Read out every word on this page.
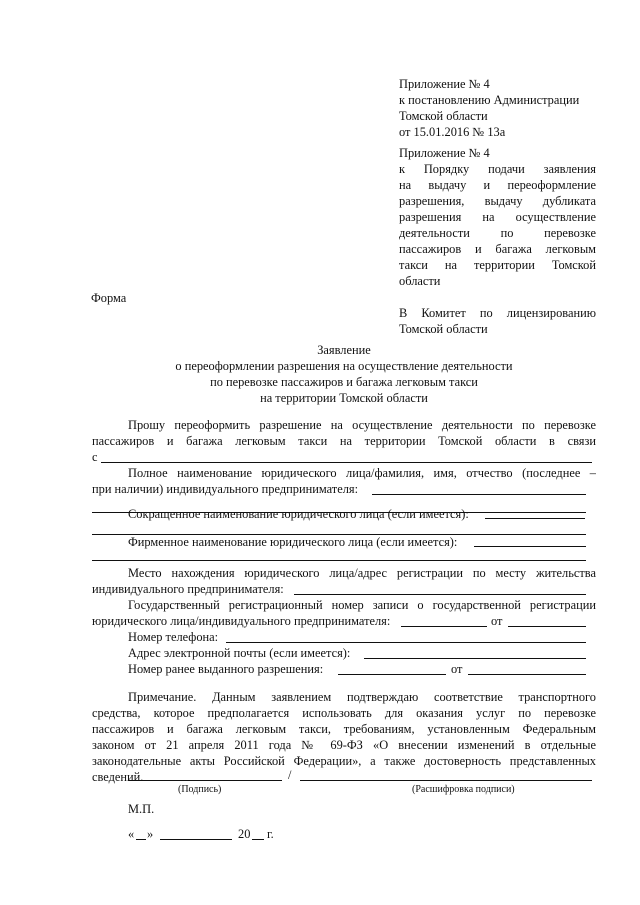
Приложение № 4
к постановлению Администрации
Томской области
от 15.01.2016 № 13а
Приложение № 4
к Порядку подачи заявления
на выдачу и переоформление
разрешения, выдачу дубликата
разрешения на осуществление
деятельности по перевозке
пассажиров и багажа легковым
такси на территории Томской
области
Форма
В Комитет по лицензированию
Томской области
Заявление
о переоформлении разрешения на осуществление деятельности
по перевозке пассажиров и багажа легковым такси
на территории Томской области
Прошу переоформить разрешение на осуществление деятельности по перевозке
пассажиров и багажа легковым такси на территории Томской области в связи
с
Полное наименование юридического лица/фамилия, имя, отчество (последнее –
при наличии) индивидуального предпринимателя:
Сокращенное наименование юридического лица (если имеется):
Фирменное наименование юридического лица (если имеется):
Место нахождения юридического лица/адрес регистрации по месту жительства
индивидуального предпринимателя:
Государственный регистрационный номер записи о государственной регистрации
юридического лица/индивидуального предпринимателя:	от
Номер телефона:
Адрес электронной почты (если имеется):
Номер ранее выданного разрешения:	от
Примечание. Данным заявлением подтверждаю соответствие транспортного
средства, которое предполагается использовать для оказания услуг по перевозке
пассажиров и багажа легковым такси, требованиям, установленным Федеральным
законом от 21 апреля 2011 года № 69-ФЗ «О внесении изменений в отдельные
законодательные акты Российской Федерации», а также достоверность представленных
сведений.	/
(Подпись)	(Расшифровка подписи)
М.П.
« »	20 г.
